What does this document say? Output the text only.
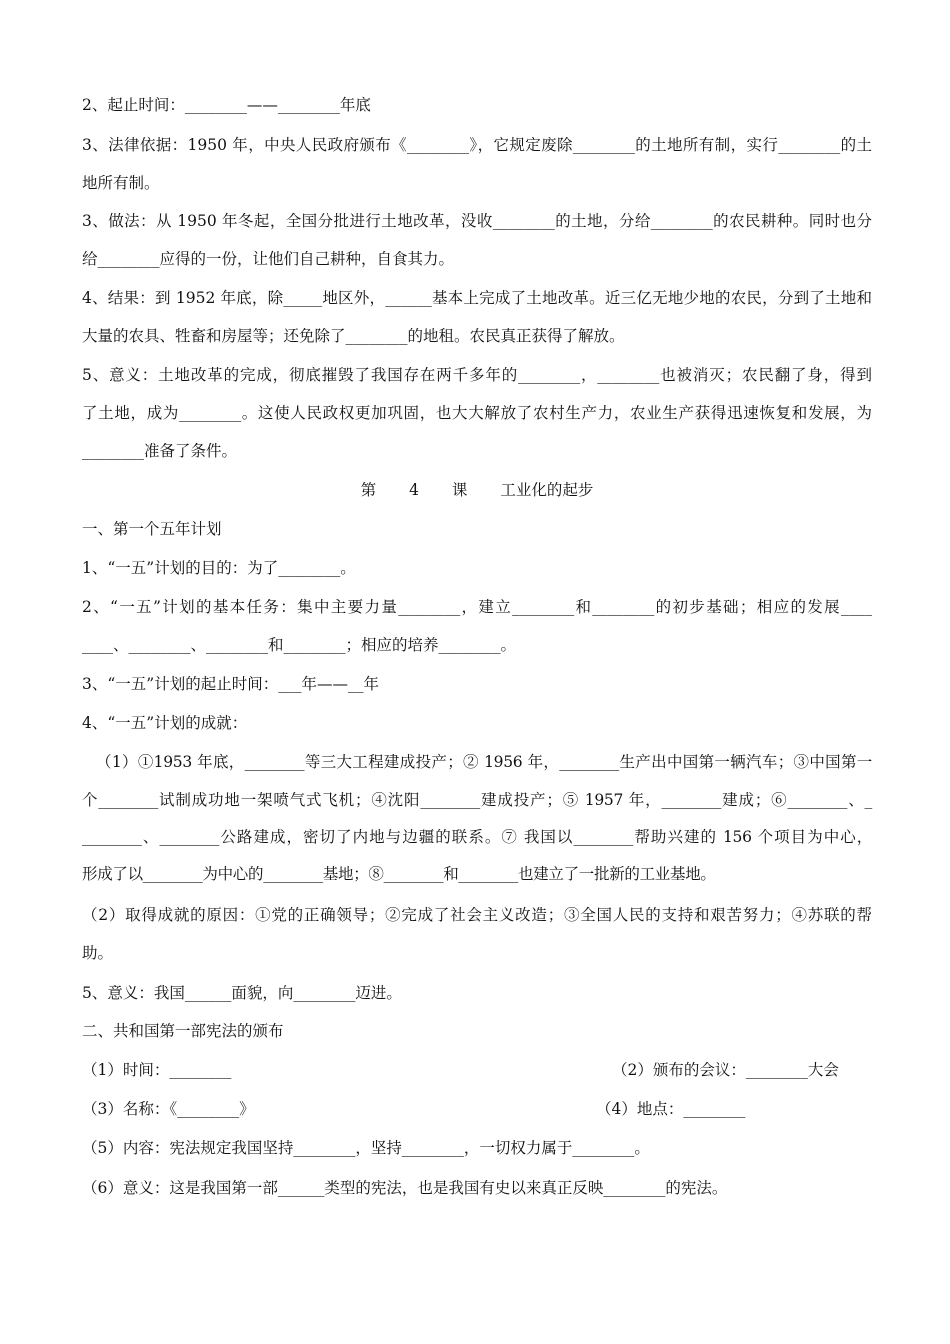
2、起止时间：________——________年底
3、法律依据：1950 年，中央人民政府颁布《________》，它规定废除________的土地所有制，实行________的土
地所有制。
3、做法：从 1950 年冬起，全国分批进行土地改革，没收________的土地，分给________的农民耕种。同时也分
给________应得的一份，让他们自己耕种，自食其力。
4、结果：到 1952 年底，除_____地区外，______基本上完成了土地改革。近三亿无地少地的农民，分到了土地和
大量的农具、牲畜和房屋等；还免除了________的地租。农民真正获得了解放。
5、意义：土地改革的完成，彻底摧毁了我国存在两千多年的________，________也被消灭；农民翻了身，得到
了土地，成为________。这使人民政权更加巩固，也大大解放了农村生产力，农业生产获得迅速恢复和发展，为
________准备了条件。
第 4 课 工业化的起步
一、第一个五年计划
1、“一五”计划的目的：为了________。
2、“一五”计划的基本任务：集中主要力量________，建立________和________的初步基础；相应的发展____
____、________、________和________；相应的培养________。
3、“一五”计划的起止时间：___年——__年
4、“一五”计划的成就：
（1）①1953 年底，________等三大工程建成投产；② 1956 年，________生产出中国第一辆汽车；③中国第一
个________试制成功地一架喷气式飞机；④沈阳________建成投产；⑤ 1957 年，________建成；⑥________、_
________、________公路建成，密切了内地与边疆的联系。⑦ 我国以________帮助兴建的 156 个项目为中心，
形成了以________为中心的________基地；⑧________和________也建立了一批新的工业基地。
（2）取得成就的原因：①党的正确领导；②完成了社会主义改造；③全国人民的支持和艰苦努力；④苏联的帮
助。
5、意义：我国______面貌，向________迈进。
二、共和国第一部宪法的颁布
（1）时间：________	（2）颁布的会议：________大会
（3）名称：《________》	（4）地点：________
（5）内容：宪法规定我国坚持________，坚持________，一切权力属于________。
（6）意义：这是我国第一部______类型的宪法，也是我国有史以来真正反映________的宪法。
